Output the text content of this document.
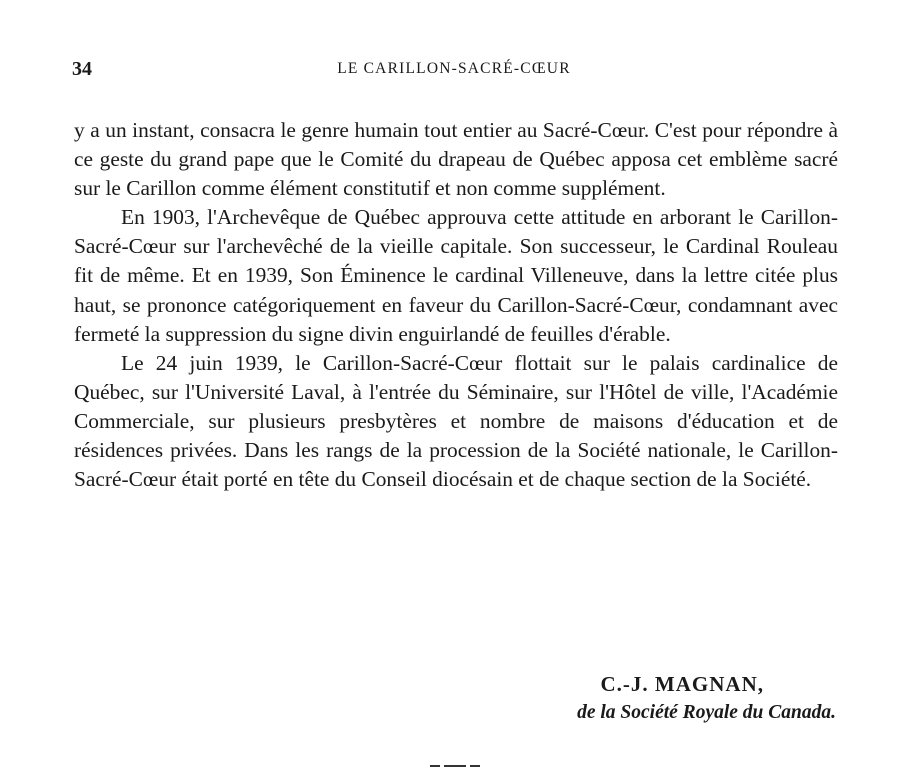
34	LE CARILLON-SACRÉ-CŒUR

y a un instant, consacra le genre humain tout entier au Sacré-Cœur. C'est pour répondre à ce geste du grand pape que le Comité du drapeau de Québec apposa cet emblème sacré sur le Carillon comme élément constitutif et non comme supplément.

En 1903, l'Archevêque de Québec approuva cette attitude en arborant le Carillon-Sacré-Cœur sur l'archevêché de la vieille capitale. Son successeur, le Cardinal Rouleau fit de même. Et en 1939, Son Éminence le cardinal Villeneuve, dans la lettre citée plus haut, se prononce catégoriquement en faveur du Carillon-Sacré-Cœur, condamnant avec fermeté la suppression du signe divin enguirlandé de feuilles d'érable.

Le 24 juin 1939, le Carillon-Sacré-Cœur flottait sur le palais cardinalice de Québec, sur l'Université Laval, à l'entrée du Séminaire, sur l'Hôtel de ville, l'Académie Commerciale, sur plusieurs presbytères et nombre de maisons d'éducation et de résidences privées. Dans les rangs de la procession de la Société nationale, le Carillon-Sacré-Cœur était porté en tête du Conseil diocésain et de chaque section de la Société.

C.-J. MAGNAN,
de la Société Royale du Canada.
